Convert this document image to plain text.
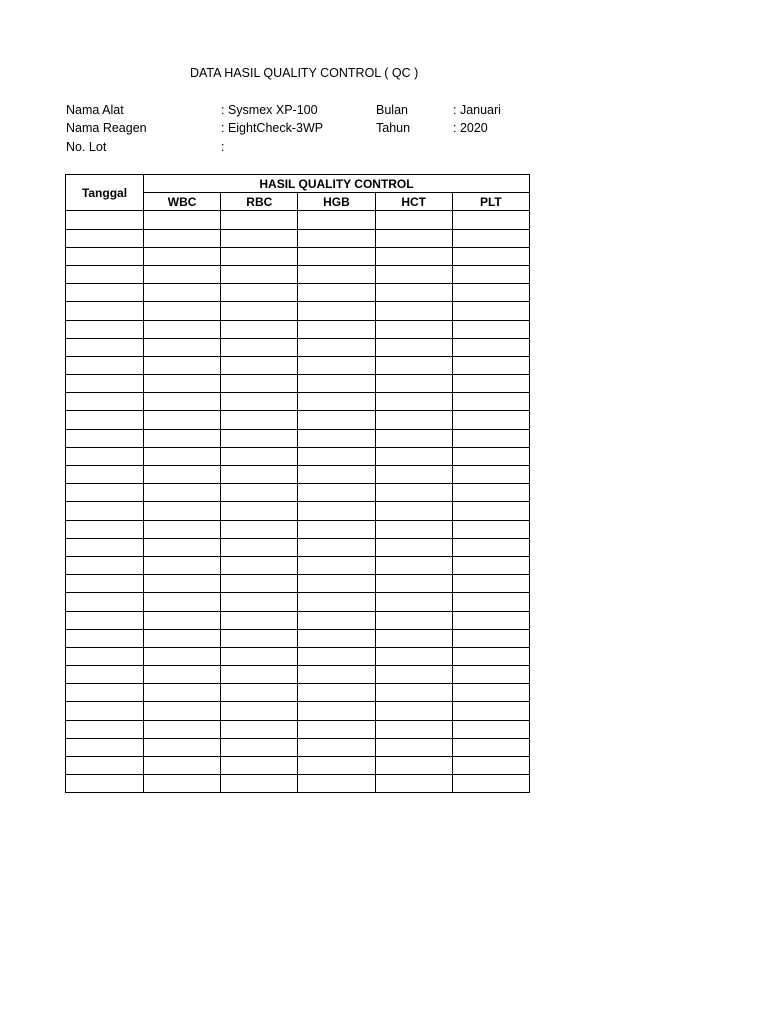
DATA HASIL QUALITY CONTROL ( QC )
Nama Alat	: Sysmex XP-100	Bulan	: Januari
Nama Reagen	: EightCheck-3WP	Tahun	: 2020
No. Lot	:
Tanggal	HASIL QUALITY CONTROL				
	WBC	RBC	HGB	HCT	PLT
